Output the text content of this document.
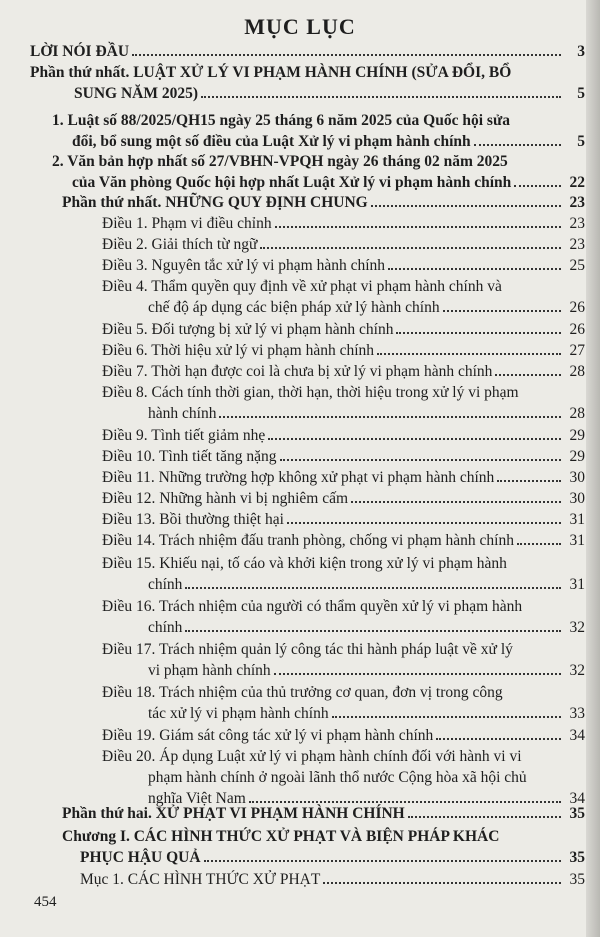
MỤC LỤC
LỜI NÓI ĐẦU	3
Phần thứ nhất. LUẬT XỬ LÝ VI PHẠM HÀNH CHÍNH (SỬA ĐỔI, BỔ
SUNG NĂM 2025)	5
1. Luật số 88/2025/QH15 ngày 25 tháng 6 năm 2025 của Quốc hội sửa
đổi, bổ sung một số điều của Luật Xử lý vi phạm hành chính	5
2. Văn bản hợp nhất số 27/VBHN-VPQH ngày 26 tháng 02 năm 2025
của Văn phòng Quốc hội hợp nhất Luật Xử lý vi phạm hành chính	22
Phần thứ nhất. NHỮNG QUY ĐỊNH CHUNG	23
Điều 1. Phạm vi điều chỉnh	23
Điều 2. Giải thích từ ngữ	23
Điều 3. Nguyên tắc xử lý vi phạm hành chính	25
Điều 4. Thẩm quyền quy định về xử phạt vi phạm hành chính và
chế độ áp dụng các biện pháp xử lý hành chính	26
Điều 5. Đối tượng bị xử lý vi phạm hành chính	26
Điều 6. Thời hiệu xử lý vi phạm hành chính	27
Điều 7. Thời hạn được coi là chưa bị xử lý vi phạm hành chính	28
Điều 8. Cách tính thời gian, thời hạn, thời hiệu trong xử lý vi phạm
hành chính	28
Điều 9. Tình tiết giảm nhẹ	29
Điều 10. Tình tiết tăng nặng	29
Điều 11. Những trường hợp không xử phạt vi phạm hành chính	30
Điều 12. Những hành vi bị nghiêm cấm	30
Điều 13. Bồi thường thiệt hại	31
Điều 14. Trách nhiệm đấu tranh phòng, chống vi phạm hành chính	31
Điều 15. Khiếu nại, tố cáo và khởi kiện trong xử lý vi phạm hành
chính	31
Điều 16. Trách nhiệm của người có thẩm quyền xử lý vi phạm hành
chính	32
Điều 17. Trách nhiệm quản lý công tác thi hành pháp luật về xử lý
vi phạm hành chính	32
Điều 18. Trách nhiệm của thủ trưởng cơ quan, đơn vị trong công
tác xử lý vi phạm hành chính	33
Điều 19. Giám sát công tác xử lý vi phạm hành chính	34
Điều 20. Áp dụng Luật xử lý vi phạm hành chính đối với hành vi vi
phạm hành chính ở ngoài lãnh thổ nước Cộng hòa xã hội chủ
nghĩa Việt Nam	34
Phần thứ hai. XỬ PHẠT VI PHẠM HÀNH CHÍNH	35
Chương I. CÁC HÌNH THỨC XỬ PHẠT VÀ BIỆN PHÁP KHÁC
PHỤC HẬU QUẢ	35
Mục 1. CÁC HÌNH THỨC XỬ PHẠT	35
454
